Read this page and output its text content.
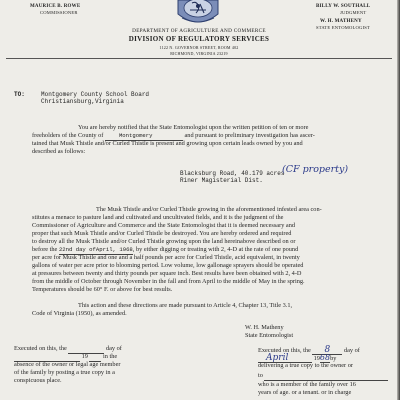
MAURICE B. ROWE
COMMISSIONER
BILLY W. SOUTHALL
JUDGMENT
W. H. MATHENY
STATE ENTOMOLOGIST
DEPARTMENT OF AGRICULTURE AND COMMERCE
DIVISION OF REGULATORY SERVICES
1122 N. GOVERNOR STREET, ROOM 402
RICHMOND, VIRGINIA 23219
TO:	Montgomery County School Board
Christiansburg,Virginia
You are hereby notified that the State Entomologist upon the written petition of ten or more
freeholders of the County of	Montgomery	and pursuant to preliminary investigation has ascer-
tained that Musk Thistle and/or Curled Thistle is present and growing upon certain leads owned by you and
described as follows:
Blacksburg Road, 40.179 acres
Riner Magisterial Dist.
(CF property)
The Musk Thistle and/or Curled Thistle growing in the aforementioned infested area con-
stitutes a menace to pasture land and cultivated and uncultivated fields, and it is the judgment of the
Commissioner of Agriculture and Commerce and the State Entomologist that it is deemed necessary and
proper that such Musk Thistle and/or Curled Thistle be destroyed. You are hereby ordered and required
to destroy all the Musk Thistle and/or Curled Thistle growing upon the land hereinabove described on or
before the 22nd day ofApril, 1968, by either digging or treating with 2, 4-D at the rate of one pound
per acre for Musk Thistle and one and a half pounds per acre for Curled Thistle, acid equivalent, in twenty
gallons of water per acre prior to blooming period. Low volume, low gallonage sprayers should be operated
at pressures between twenty and thirty pounds per square inch. Best results have been obtained with 2, 4-D
from the middle of October through November in the fall and from April to the middle of May in the spring.
Temperatures should be 60° F. or above for best results.
This action and these directions are made pursuant to Article 4, Chapter 13, Title 3.1,
Code of Virginia (1950), as amended.
W. H. Matheny
State Entomologist
Executed on this, the	day of
19 in the
absence of the owner or legal age member
of the family by posting a true copy in a
conspicuous place.
Executed on this, the 8 day of
April	1968by
delivering a true copy to the owner or
to
who is a member of the family over 16
years of age. or a tenant. or in charge
